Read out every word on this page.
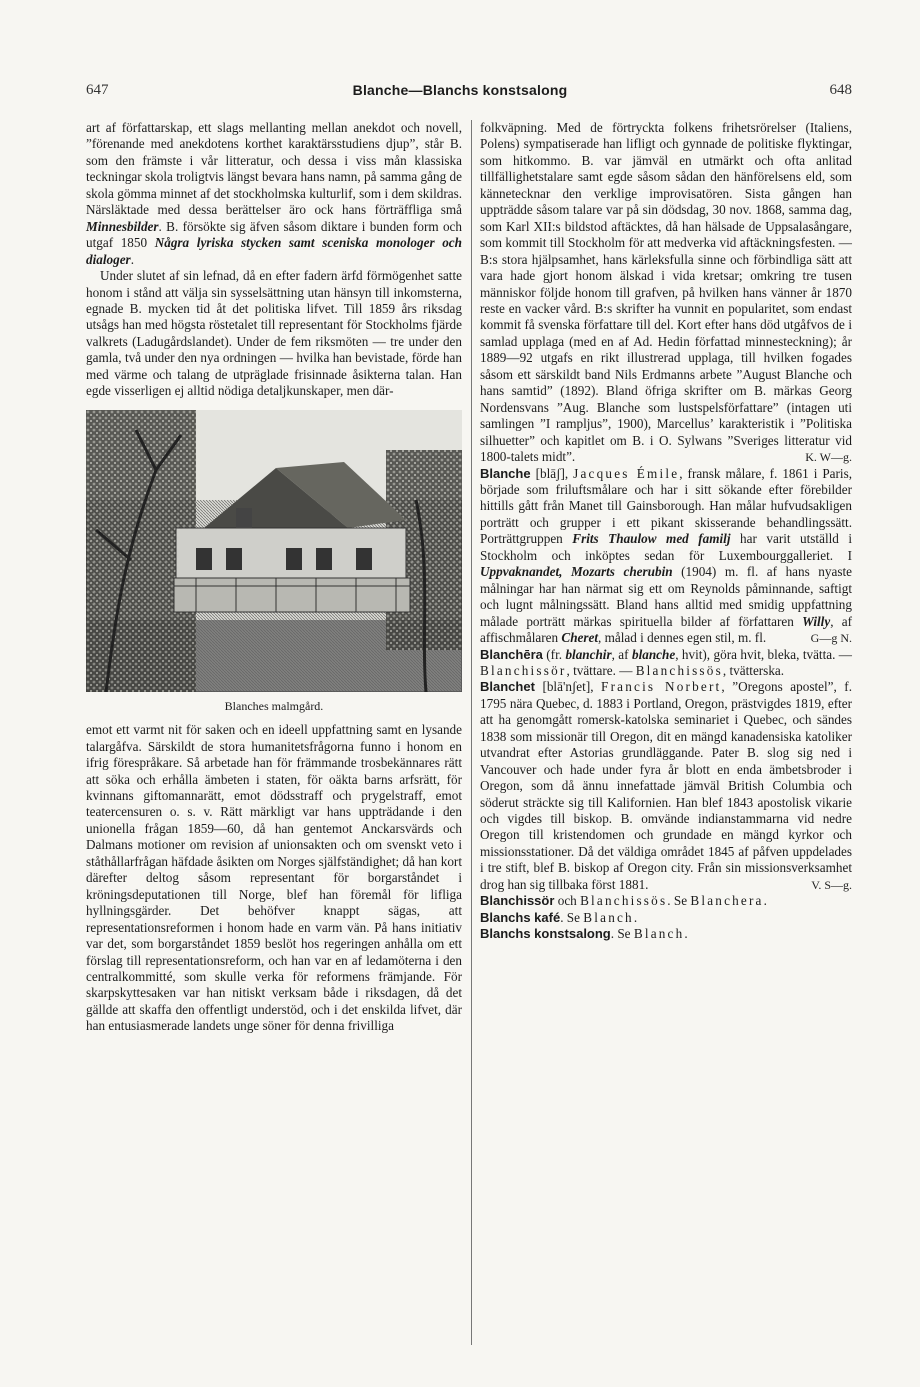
647	Blanche—Blanchs konstsalong	648

art af författarskap, ett slags mellanting mellan anekdot och novell, ”förenande med anekdotens korthet karaktärsstudiens djup”, står B. som den främste i vår litteratur, och dessa i viss mån klassiska teckningar skola troligtvis längst bevara hans namn, på samma gång de skola gömma minnet af det stockholmska kulturlif, som i dem skildras. Närsläktade med dessa berättelser äro ock hans förträffliga små Minnesbilder. B. försökte sig äfven såsom diktare i bunden form och utgaf 1850 Några lyriska stycken samt sceniska monologer och dialoger.

Under slutet af sin lefnad, då en efter fadern ärfd förmögenhet satte honom i stånd att välja sin sysselsättning utan hänsyn till inkomsterna, egnade B. mycken tid åt det politiska lifvet. Till 1859 års riksdag utsågs han med högsta röstetalet till representant för Stockholms fjärde valkrets (Ladugårdslandet). Under de fem riksmöten — tre under den gamla, två under den nya ordningen — hvilka han bevistade, förde han med värme och talang de utpräglade frisinnade åsikterna talan. Han egde visserligen ej alltid nödiga detaljkunskaper, men där-

Blanches malmgård.

emot ett varmt nit för saken och en ideell uppfattning samt en lysande talargåfva. Särskildt de stora humanitetsfrågorna funno i honom en ifrig förespråkare. Så arbetade han för främmande trosbekännares rätt att söka och erhålla ämbeten i staten, för oäkta barns arfsrätt, för kvinnans giftomannarätt, emot dödsstraff och prygelstraff, emot teatercensuren o. s. v. Rätt märkligt var hans uppträdande i den unionella frågan 1859—60, då han gentemot Anckarsvärds och Dalmans motioner om revision af unionsakten och om svenskt veto i ståthållarfrågan häfdade åsikten om Norges själfständighet; då han kort därefter deltog såsom representant för borgarståndet i kröningsdeputationen till Norge, blef han föremål för lifliga hyllningsgärder. Det behöfver knappt sägas, att representationsreformen i honom hade en varm vän. På hans initiativ var det, som borgarståndet 1859 beslöt hos regeringen anhålla om ett förslag till representationsreform, och han var en af ledamöterna i den centralkommitté, som skulle verka för reformens främjande. För skarpskyttesaken var han nitiskt verksam både i riksdagen, då det gällde att skaffa den offentligt understöd, och i det enskilda lifvet, där han entusiasmerade landets unge söner för denna frivilliga

folkväpning. Med de förtryckta folkens frihetsrörelser (Italiens, Polens) sympatiserade han lifligt och gynnade de politiske flyktingar, som hitkommo. B. var jämväl en utmärkt och ofta anlitad tillfällighetstalare samt egde såsom sådan den hänförelsens eld, som kännetecknar den verklige improvisatören. Sista gången han uppträdde såsom talare var på sin dödsdag, 30 nov. 1868, samma dag, som Karl XII:s bildstod aftäcktes, då han hälsade de Uppsalasångare, som kommit till Stockholm för att medverka vid aftäckningsfesten. — B:s stora hjälpsamhet, hans kärleksfulla sinne och förbindliga sätt att vara hade gjort honom älskad i vida kretsar; omkring tre tusen människor följde honom till grafven, på hvilken hans vänner år 1870 reste en vacker vård. B:s skrifter ha vunnit en popularitet, som endast kommit få svenska författare till del. Kort efter hans död utgåfvos de i samlad upplaga (med en af Ad. Hedin författad minnesteckning); år 1889—92 utgafs en rikt illustrerad upplaga, till hvilken fogades såsom ett särskildt band Nils Erdmanns arbete ”August Blanche och hans samtid” (1892). Bland öfriga skrifter om B. märkas Georg Nordensvans ”Aug. Blanche som lustspelsförfattare” (intagen uti samlingen ”I rampljus”, 1900), Marcellus’ karakteristik i ”Politiska silhuetter” och kapitlet om B. i O. Sylwans ”Sveriges litteratur vid 1800-talets midt”.	K. W—g.

Blanche [blāʃ], Jacques Émile, fransk målare, f. 1861 i Paris, började som friluftsmålare och har i sitt sökande efter förebilder hittills gått från Manet till Gainsborough. Han målar hufvudsakligen porträtt och grupper i ett pikant skisserande behandlingssätt. Porträttgruppen Frits Thaulow med familj har varit utställd i Stockholm och inköptes sedan för Luxembourggalleriet. I Uppvaknandet, Mozarts cherubin (1904) m. fl. af hans nyaste målningar har han närmat sig ett om Reynolds påminnande, saftigt och lugnt målningssätt. Bland hans alltid med smidig uppfattning målade porträtt märkas spirituella bilder af författaren Willy, af affischmålaren Cheret, målad i dennes egen stil, m. fl.	G—g N.

Blanchēra (fr. blanchir, af blanche, hvit), göra hvit, bleka, tvätta. — Blanchissör, tvättare. — Blanchissös, tvätterska.

Blanchet [blā'nʃet], Francis Norbert, ”Oregons apostel”, f. 1795 nära Quebec, d. 1883 i Portland, Oregon, prästvigdes 1819, efter att ha genomgått romersk-katolska seminariet i Quebec, och sändes 1838 som missionär till Oregon, dit en mängd kanadensiska katoliker utvandrat efter Astorias grundläggande. Pater B. slog sig ned i Vancouver och hade under fyra år blott en enda ämbetsbroder i Oregon, som då ännu innefattade jämväl British Columbia och söderut sträckte sig till Kalifornien. Han blef 1843 apostolisk vikarie och vigdes till biskop. B. omvände indianstammarna vid nedre Oregon till kristendomen och grundade en mängd kyrkor och missionsstationer. Då det väldiga området 1845 af påfven uppdelades i tre stift, blef B. biskop af Oregon city. Från sin missionsverksamhet drog han sig tillbaka först 1881.	V. S—g.

Blanchissör och Blanchissös. Se Blanchera.

Blanchs kafé. Se Blanch.

Blanchs konstsalong. Se Blanch.
